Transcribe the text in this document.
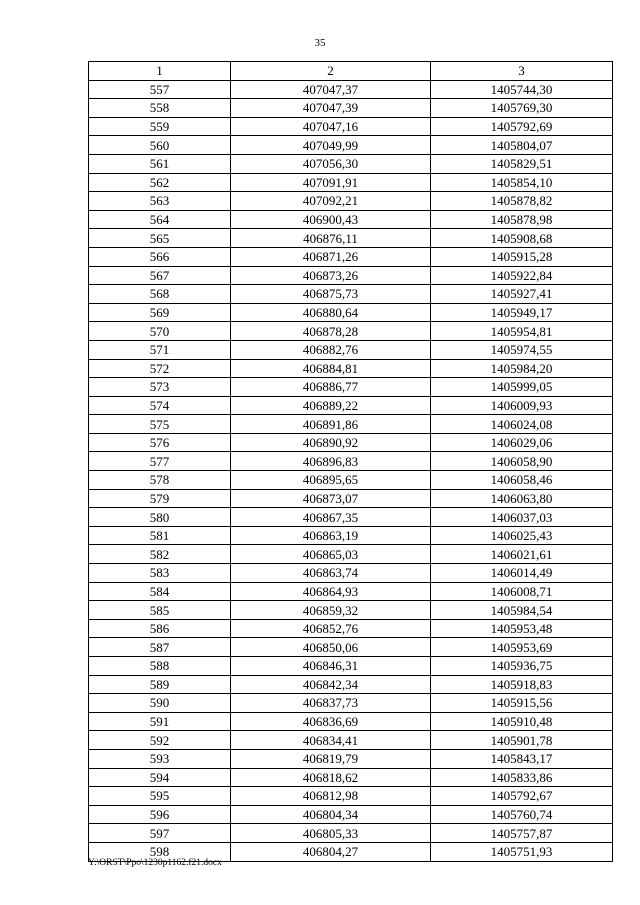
35
1	2	3
557	407047,37	1405744,30
558	407047,39	1405769,30
559	407047,16	1405792,69
560	407049,99	1405804,07
561	407056,30	1405829,51
562	407091,91	1405854,10
563	407092,21	1405878,82
564	406900,43	1405878,98
565	406876,11	1405908,68
566	406871,26	1405915,28
567	406873,26	1405922,84
568	406875,73	1405927,41
569	406880,64	1405949,17
570	406878,28	1405954,81
571	406882,76	1405974,55
572	406884,81	1405984,20
573	406886,77	1405999,05
574	406889,22	1406009,93
575	406891,86	1406024,08
576	406890,92	1406029,06
577	406896,83	1406058,90
578	406895,65	1406058,46
579	406873,07	1406063,80
580	406867,35	1406037,03
581	406863,19	1406025,43
582	406865,03	1406021,61
583	406863,74	1406014,49
584	406864,93	1406008,71
585	406859,32	1405984,54
586	406852,76	1405953,48
587	406850,06	1405953,69
588	406846,31	1405936,75
589	406842,34	1405918,83
590	406837,73	1405915,56
591	406836,69	1405910,48
592	406834,41	1405901,78
593	406819,79	1405843,17
594	406818,62	1405833,86
595	406812,98	1405792,67
596	406804,34	1405760,74
597	406805,33	1405757,87
598	406804,27	1405751,93
Y:\ORST\Ppo\1230p1162.f21.docx
